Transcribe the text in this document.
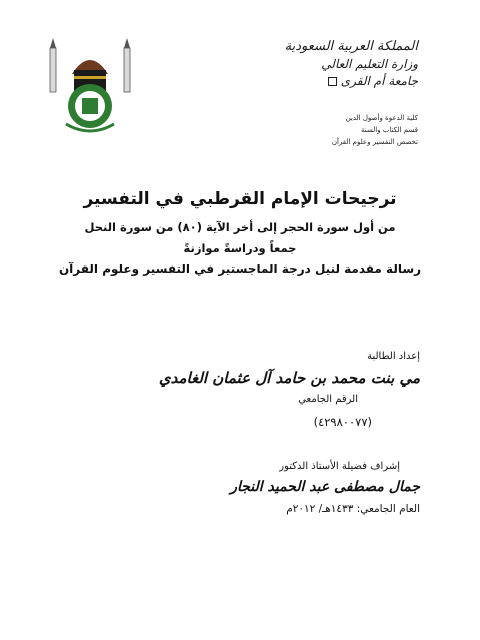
المملكة العربية السعودية
وزارة التعليم العالي
جامعة أم القرى
كلية الدعوة وأصول الدين
قسم الكتاب والسنة
تخصص التفسير وعلوم القرآن
ترجيحات الإمام القرطبي في التفسير
من أول سورة الحجر إلى أخر الآية (٨٠) من سورة النحل
جمعاً ودراسةً موازنةً
رسالة مقدمة لنيل درجة الماجستير في التفسير وعلوم القرآن
إعداد الطالبة
مي بنت محمد بن حامد آل عثمان الغامدي
الرقم الجامعي
(٤٢٩٨٠٠٧٧)
إشراف فضيلة الأستاذ الدكتور
جمال مصطفى عبد الحميد النجار
العام الجامعي: ١٤٣٣هـ/ ٢٠١٢م
